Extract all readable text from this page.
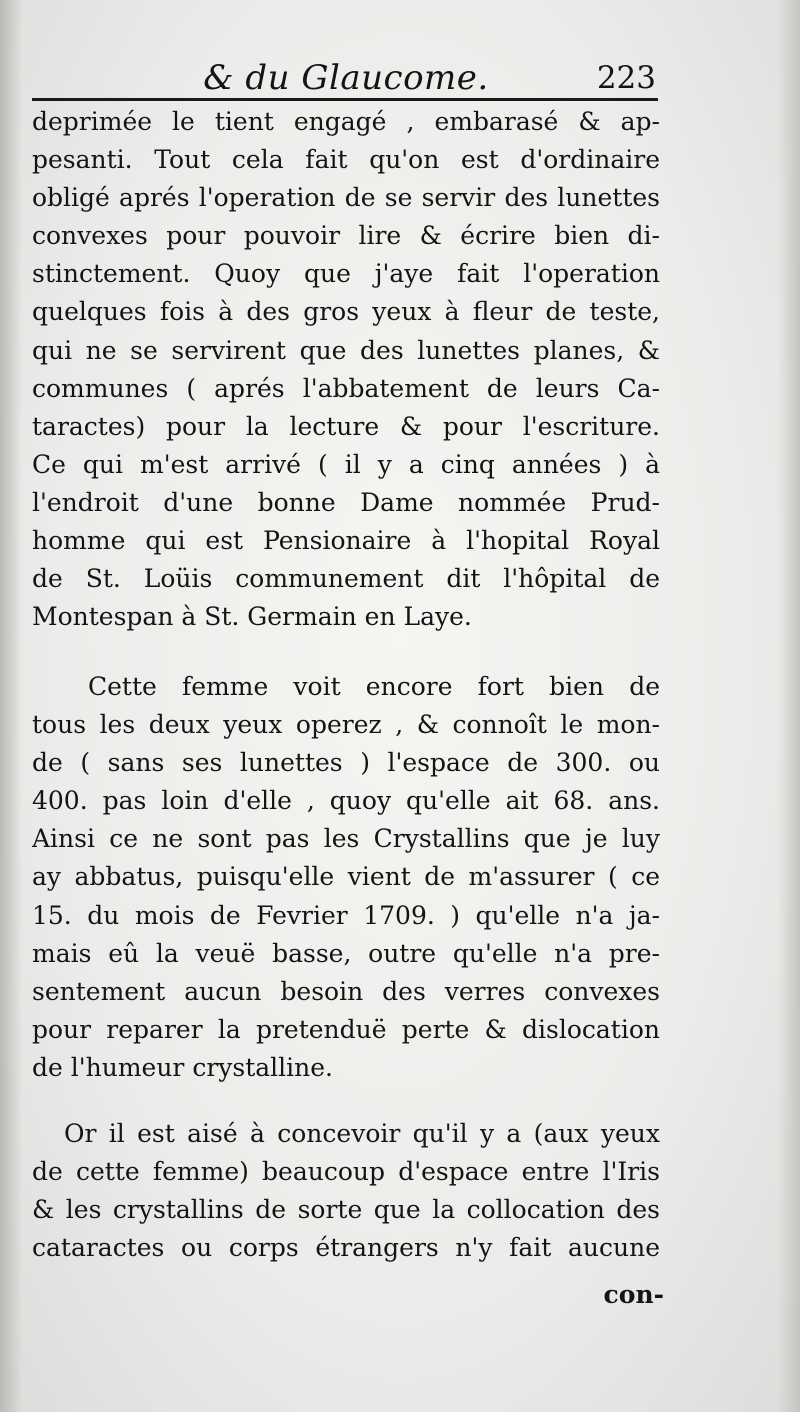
& du Glaucome.	223
deprimée le tient engagé , embarasé & ap-
pesanti. Tout cela fait qu'on est d'ordinaire
obligé aprés l'operation de se servir des lunettes
convexes pour pouvoir lire & écrire bien di-
stinctement. Quoy que j'aye fait l'operation
quelques fois à des gros yeux à fleur de teste,
qui ne se servirent que des lunettes planes, &
communes ( aprés l'abbatement de leurs Ca-
taractes) pour la lecture & pour l'escriture.
Ce qui m'est arrivé ( il y a cinq années ) à
l'endroit d'une bonne Dame nommée Prud-
homme qui est Pensionaire à l'hopital Royal
de St. Loüis communement dit l'hôpital de
Montespan à St. Germain en Laye.
Cette femme voit encore fort bien de
tous les deux yeux operez , & connoît le mon-
de ( sans ses lunettes ) l'espace de 300. ou
400. pas loin d'elle , quoy qu'elle ait 68. ans.
Ainsi ce ne sont pas les Crystallins que je luy
ay abbatus, puisqu'elle vient de m'assurer ( ce
15. du mois de Fevrier 1709. ) qu'elle n'a ja-
mais eû la veuë basse, outre qu'elle n'a pre-
sentement aucun besoin des verres convexes
pour reparer la pretenduë perte & dislocation
de l'humeur crystalline.
Or il est aisé à concevoir qu'il y a (aux yeux
de cette femme) beaucoup d'espace entre l'Iris
& les crystallins de sorte que la collocation des
cataractes ou corps étrangers n'y fait aucune
con-
